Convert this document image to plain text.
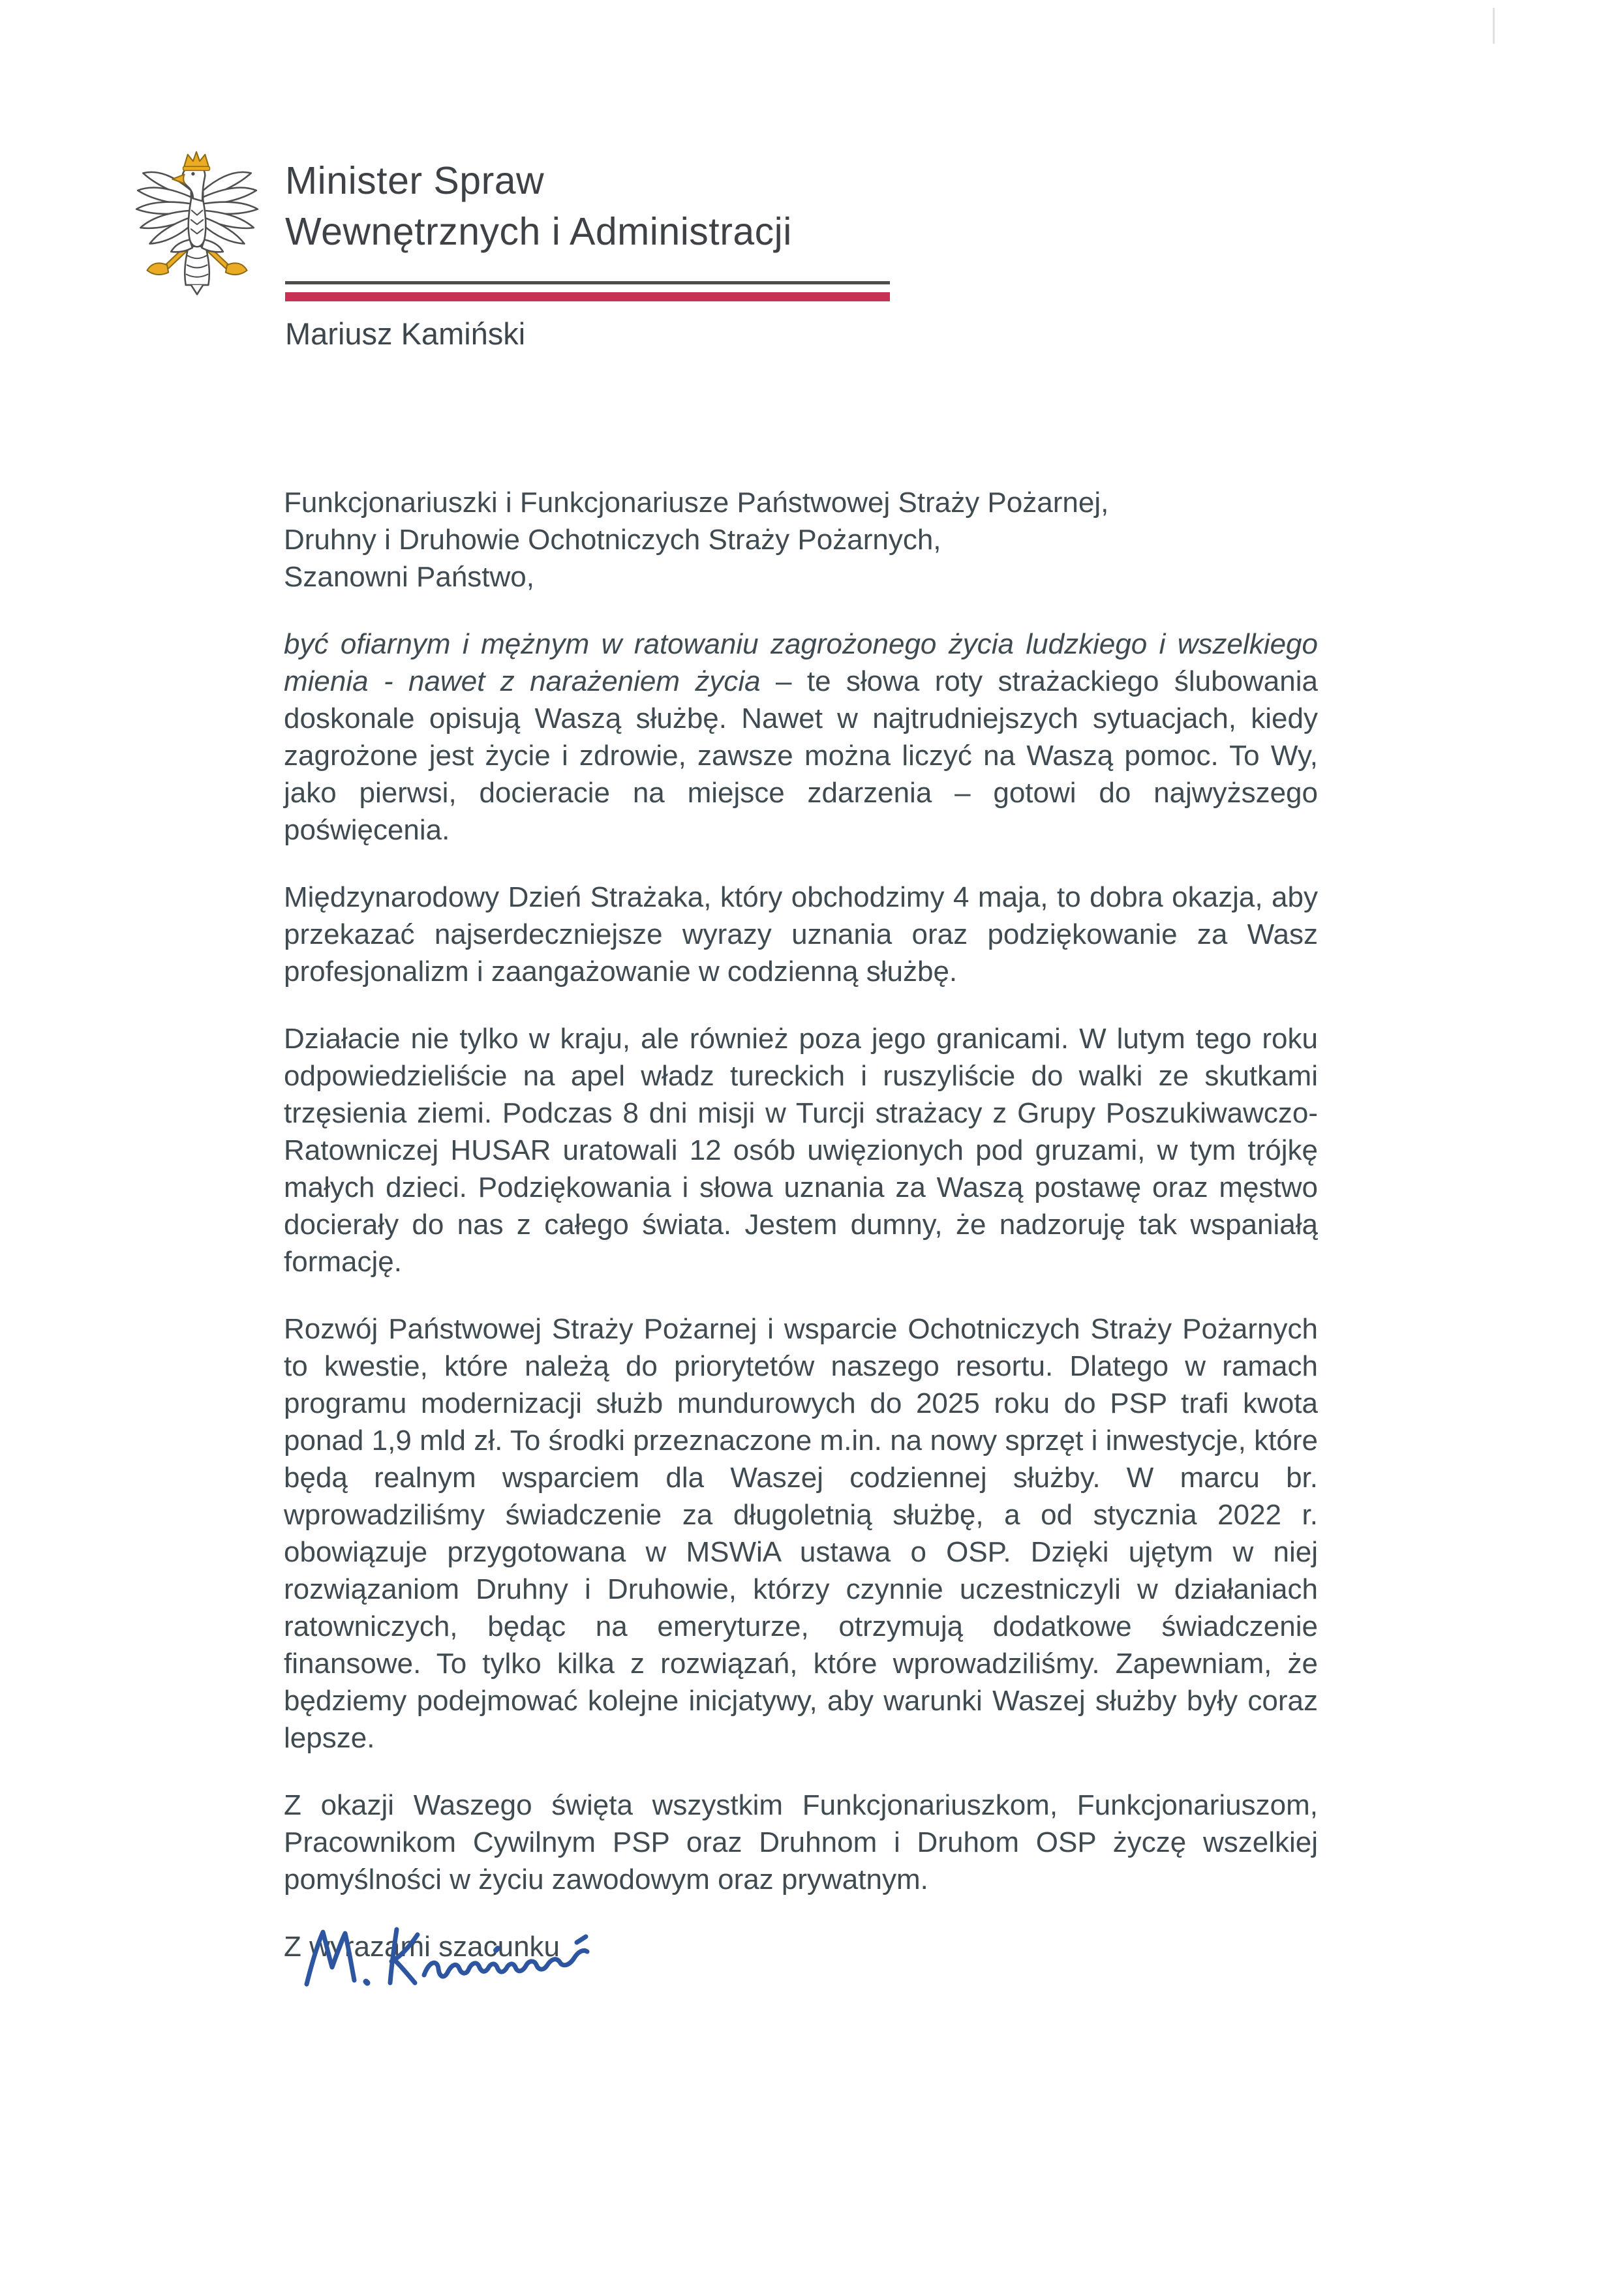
Minister Spraw
Wewnętrznych i Administracji
Mariusz Kamiński
Funkcjonariuszki i Funkcjonariusze Państwowej Straży Pożarnej,
Druhny i Druhowie Ochotniczych Straży Pożarnych,
Szanowni Państwo,

być ofiarnym i mężnym w ratowaniu zagrożonego życia ludzkiego i wszelkiego mienia - nawet z narażeniem życia – te słowa roty strażackiego ślubowania doskonale opisują Waszą służbę. Nawet w najtrudniejszych sytuacjach, kiedy zagrożone jest życie i zdrowie, zawsze można liczyć na Waszą pomoc. To Wy, jako pierwsi, docieracie na miejsce zdarzenia – gotowi do najwyższego poświęcenia.

Międzynarodowy Dzień Strażaka, który obchodzimy 4 maja, to dobra okazja, aby przekazać najserdeczniejsze wyrazy uznania oraz podziękowanie za Wasz profesjonalizm i zaangażowanie w codzienną służbę.

Działacie nie tylko w kraju, ale również poza jego granicami. W lutym tego roku odpowiedzieliście na apel władz tureckich i ruszyliście do walki ze skutkami trzęsienia ziemi. Podczas 8 dni misji w Turcji strażacy z Grupy Poszukiwawczo-Ratowniczej HUSAR uratowali 12 osób uwięzionych pod gruzami, w tym trójkę małych dzieci. Podziękowania i słowa uznania za Waszą postawę oraz męstwo docierały do nas z całego świata. Jestem dumny, że nadzoruję tak wspaniałą formację.

Rozwój Państwowej Straży Pożarnej i wsparcie Ochotniczych Straży Pożarnych to kwestie, które należą do priorytetów naszego resortu. Dlatego w ramach programu modernizacji służb mundurowych do 2025 roku do PSP trafi kwota ponad 1,9 mld zł. To środki przeznaczone m.in. na nowy sprzęt i inwestycje, które będą realnym wsparciem dla Waszej codziennej służby. W marcu br. wprowadziliśmy świadczenie za długoletnią służbę, a od stycznia 2022 r. obowiązuje przygotowana w MSWiA ustawa o OSP. Dzięki ujętym w niej rozwiązaniom Druhny i Druhowie, którzy czynnie uczestniczyli w działaniach ratowniczych, będąc na emeryturze, otrzymują dodatkowe świadczenie finansowe. To tylko kilka z rozwiązań, które wprowadziliśmy. Zapewniam, że będziemy podejmować kolejne inicjatywy, aby warunki Waszej służby były coraz lepsze.

Z okazji Waszego święta wszystkim Funkcjonariuszkom, Funkcjonariuszom, Pracownikom Cywilnym PSP oraz Druhnom i Druhom OSP życzę wszelkiej pomyślności w życiu zawodowym oraz prywatnym.

Z wyrazami szacunku
